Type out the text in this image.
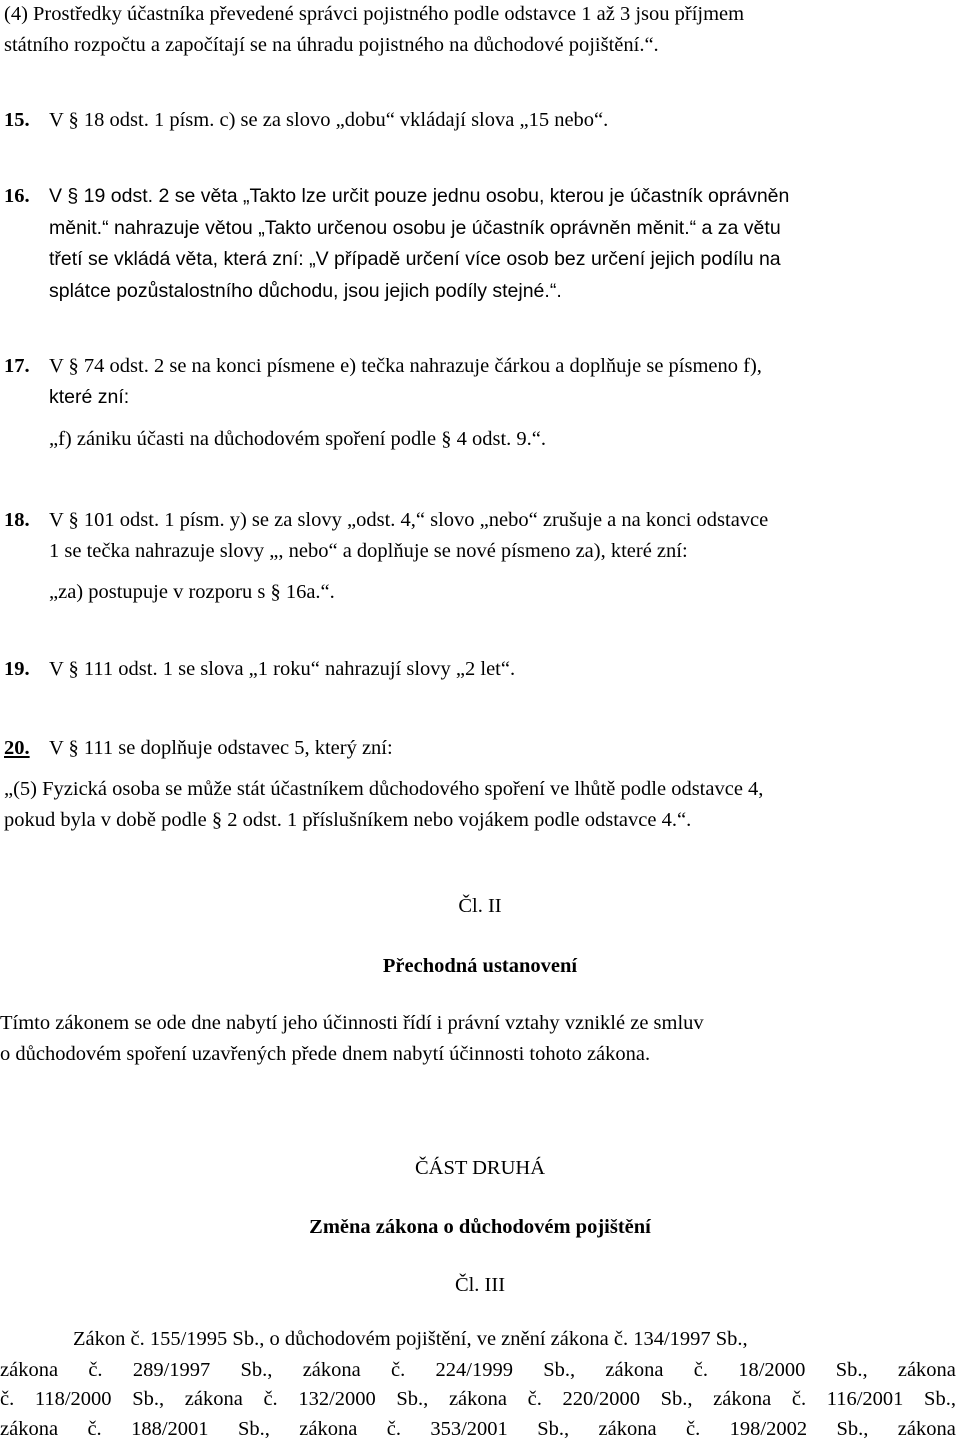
(4) Prostředky účastníka převedené správci pojistného podle odstavce 1 až 3 jsou příjmem
státního rozpočtu a započítají se na úhradu pojistného na důchodové pojištění.“.
15. V § 18 odst. 1 písm. c) se za slovo „dobu“ vkládají slova „15 nebo“.
16. V § 19 odst. 2 se věta „Takto lze určit pouze jednu osobu, kterou je účastník oprávněn
měnit.“ nahrazuje větou „Takto určenou osobu je účastník oprávněn měnit.“ a za větu
třetí se vkládá věta, která zní: „V případě určení více osob bez určení jejich podílu na
splátce pozůstalostního důchodu, jsou jejich podíly stejné.“.
17. V § 74 odst. 2 se na konci písmene e) tečka nahrazuje čárkou a doplňuje se písmeno f),
které zní:
„f) zániku účasti na důchodovém spoření podle § 4 odst. 9.“.
18. V § 101 odst. 1 písm. y) se za slovy „odst. 4,“ slovo „nebo“ zrušuje a na konci odstavce
1 se tečka nahrazuje slovy „, nebo“ a doplňuje se nové písmeno za), které zní:
„za) postupuje v rozporu s § 16a.“.
19. V § 111 odst. 1 se slova „1 roku“ nahrazují slovy „2 let“.
20. V § 111 se doplňuje odstavec 5, který zní:
„(5) Fyzická osoba se může stát účastníkem důchodového spoření ve lhůtě podle odstavce 4,
pokud byla v době podle § 2 odst. 1 příslušníkem nebo vojákem podle odstavce 4.“.
Čl. II
Přechodná ustanovení
Tímto zákonem se ode dne nabytí jeho účinnosti řídí i právní vztahy vzniklé ze smluv
o důchodovém spoření uzavřených přede dnem nabytí účinnosti tohoto zákona.
ČÁST DRUHÁ
Změna zákona o důchodovém pojištění
Čl. III
Zákon č. 155/1995 Sb., o důchodovém pojištění, ve znění zákona č. 134/1997 Sb.,
zákona č. 289/1997 Sb., zákona č. 224/1999 Sb., zákona č. 18/2000 Sb., zákona
č. 118/2000 Sb., zákona č. 132/2000 Sb., zákona č. 220/2000 Sb., zákona č. 116/2001 Sb.,
zákona č. 188/2001 Sb., zákona č. 353/2001 Sb., zákona č. 198/2002 Sb., zákona
